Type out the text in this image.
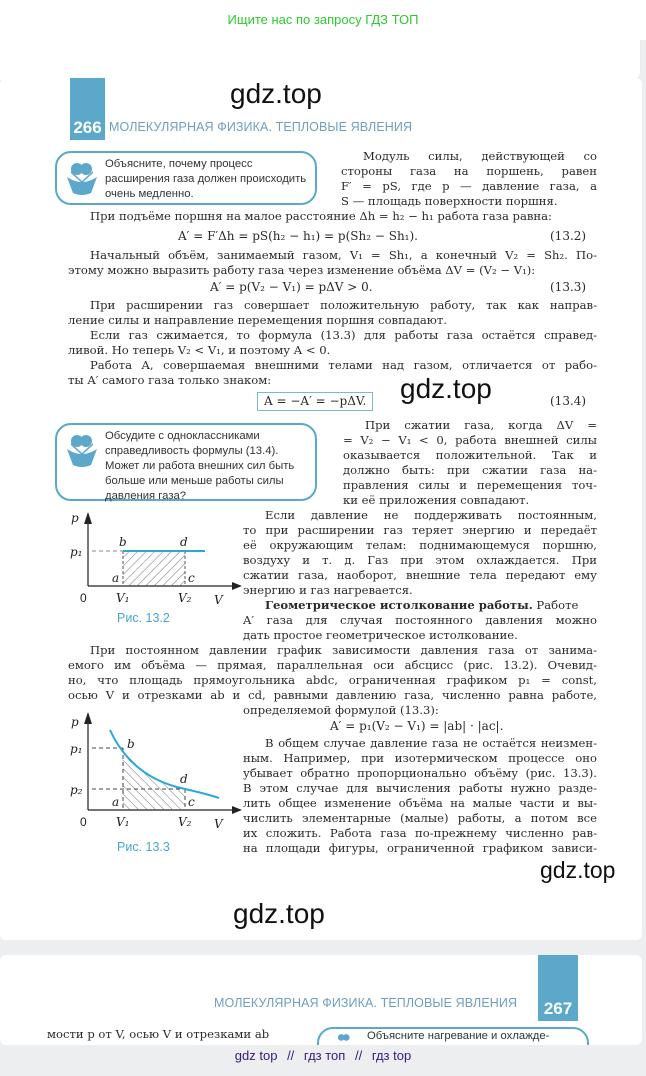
Ищите нас по запросу ГДЗ ТОП
266 МОЛЕКУЛЯРНАЯ ФИЗИКА. ТЕПЛОВЫЕ ЯВЛЕНИЯ
Объясните, почему процесс расширения газа должен происходить очень медленно.
Модуль силы, действующей со
стороны газа на поршень, равен
F′ = pS, где p — давление газа, а
S — площадь поверхности поршня.
При подъёме поршня на малое расстояние Δh = h₂ − h₁ работа газа равна:
A′ = F′Δh = pS(h₂ − h₁) = p(Sh₂ − Sh₁).	(13.2)
Начальный объём, занимаемый газом, V₁ = Sh₁, а конечный V₂ = Sh₂. По-
этому можно выразить работу газа через изменение объёма ΔV = (V₂ − V₁):
A′ = p(V₂ − V₁) = pΔV > 0.	(13.3)
При расширении газ совершает положительную работу, так как направ-
ление силы и направление перемещения поршня совпадают.
Если газ сжимается, то формула (13.3) для работы газа остаётся справед-
ливой. Но теперь V₂ < V₁, и поэтому A < 0.
Работа A, совершаемая внешними телами над газом, отличается от рабо-
ты A′ самого газа только знаком:
A = −A′ = −pΔV.	(13.4)
Обсудите с одноклассниками справедливость формулы (13.4). Может ли работа внешних сил быть больше или меньше работы силы давления газа?
При сжатии газа, когда ΔV =
= V₂ − V₁ < 0, работа внешней силы
оказывается положительной. Так и
должно быть: при сжатии газа на-
правления силы и перемещения точ-
ки её приложения совпадают.
Если давление не поддерживать постоянным,
то при расширении газ теряет энергию и передаёт
её окружающим телам: поднимающемуся поршню,
воздуху и т. д. Газ при этом охлаждается. При
сжатии газа, наоборот, внешние тела передают ему
энергию и газ нагревается.
Геометрическое истолкование работы. Работе
A′ газа для случая постоянного давления можно
дать простое геометрическое истолкование.
При постоянном давлении график зависимости давления газа от занима-
емого им объёма — прямая, параллельная оси абсцисс (рис. 13.2). Очевид-
но, что площадь прямоугольника abdc, ограниченная графиком p₁ = const,
осью V и отрезками ab и cd, равными давлению газа, численно равна работе,
определяемой формулой (13.3):
A′ = p₁(V₂ − V₁) = |ab| · |ac|.
В общем случае давление газа не остаётся неизмен-
ным. Например, при изотермическом процессе оно
убывает обратно пропорционально объёму (рис. 13.3).
В этом случае для вычисления работы нужно разде-
лить общее изменение объёма на малые части и вы-
числить элементарные (малые) работы, а потом все
их сложить. Работа газа по-прежнему численно рав-
на площади фигуры, ограниченной графиком зависи-
p
p₁
b	d
a	c
0 V₁	V₂ V
Рис. 13.2
p
p₁
p₂
b
d
a	c
0 V₁	V₂ V
Рис. 13.3
gdz.top
gdz.top
gdz.top
gdz.top
267
МОЛЕКУЛЯРНАЯ ФИЗИКА. ТЕПЛОВЫЕ ЯВЛЕНИЯ
мости p от V, осью V и отрезками ab	Объясните нагревание и охлажде-
gdz top // гдз топ // гдз top
